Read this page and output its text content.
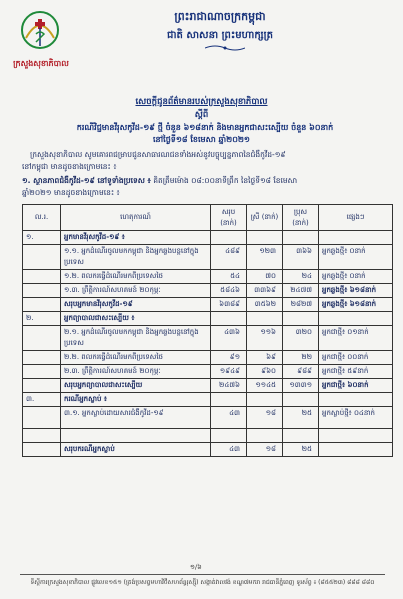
ក្រសួងសុខាភិបាល
ព្រះរាជាណាចក្រកម្ពុជា
ជាតិ សាសនា ព្រះមហាក្សត្រ
សេចក្តីជូនព័ត៌មានរបស់ក្រសួងសុខាភិបាល
ស្តីពី
ករណីវិជ្ជមានវីរុសកូវីដ-១៩ ថ្មី ចំនួន ៦១៨នាក់ និងមានអ្នកជាសះស្បើយ ចំនួន ៦០នាក់
នៅថ្ងៃទី១៨ ខែមេសា ឆ្នាំ២០២១
ក្រសួងសុខាភិបាល សូមគោរពជម្រាបជូនសាធារណជនទាំងអស់នូវបច្ចុប្បន្នភាពនៃជំងឺកូវីដ-១៩
នៅកម្ពុជា មានដូចខាងក្រោមនេះ ៖
១. ស្ថានភាពជំងឺកូវីដ-១៩ នៅទូទាំងប្រទេស ៖ គិតត្រឹមម៉ោង ០៨:០០នាទីព្រឹក នៃថ្ងៃទី១៨ ខែមេសា
ឆ្នាំ២០២១ មានដូចខាងក្រោមនេះ ៖
ល.រ.	ហេតុការណ៍	សរុប (នាក់)	ស្រី (នាក់)	ប្រុស (នាក់)	ផ្សេងៗ
១.	អ្នកមានវីរុសកូវីដ-១៩ ៖				
	១.១. អ្នកដំណើរចូលមកកម្ពុជា និងអ្នកឆ្លងបន្តនៅក្នុងប្រទេស	៤៨៩	១២៣	៣៦៦	អ្នកឆ្លងថ្មី៖ ០នាក់
	១.២. ពលករធ្វើដំណើរមកពីប្រទេសថៃ	៥៤	៧០	២៤	អ្នកឆ្លងថ្មី៖ ០នាក់
	១.៣. ព្រឹត្តិការណ៍សហគមន៍ ២០កុម្ភៈ	៥៨៤៦	៣៣៦៩	២៤៧៧	អ្នកឆ្លងថ្មី៖ ៦១៨នាក់
	សរុបអ្នកមានវីរុសកូវីដ-១៩	៦៣៨៩	៣៥៦២	២៨២៧	អ្នកឆ្លងថ្មី៖ ៦១៨នាក់
២.	អ្នកព្យាបាលជាសះស្បើយ ៖				
	២.១. អ្នកដំណើរចូលមកកម្ពុជា និងអ្នកឆ្លងបន្តនៅក្នុងប្រទេស	៤៣៦	១១៦	៣២០	អ្នកជាថ្មី៖ ០១នាក់
	២.២. ពលករធ្វើដំណើរមកពីប្រទេសថៃ	៩១	៦៩	២២	អ្នកជាថ្មី៖ ០០នាក់
	២.៣. ព្រឹត្តិការណ៍សហគមន៍ ២០កុម្ភៈ	១៩៤៩	៩៦០	៩៨៩	អ្នកជាថ្មី៖ ៥៩នាក់
	សរុបអ្នកព្យាបាលជាសះស្បើយ	២៤៧៦	១១៤៥	១៣៣១	អ្នកជាថ្មី៖ ៦០នាក់
៣.	ករណីអ្នកស្លាប់ ៖				
	៣.១. អ្នកស្លាប់ដោយសារជំងឺកូវីដ-១៩	៤៣	១៨	២៥	អ្នកស្លាប់ថ្មី៖ ០៤នាក់

	សរុបករណីអ្នកស្លាប់	៤៣	១៨	២៥	
១/៦
ទីស្តីការក្រសួងសុខាភិបាល ផ្លូវលេខ១៥១ (ត្រង់ប្រសព្វមហាវិថីសហព័ន្ធរុស្ស៊ី) សង្កាត់វាលវង់ ខណ្ឌ៧មករា រាជធានីភ្នំពេញ ទូរស័ព្ទ ៖ (៨៥៥២៣) ៨៨៨ ៨៨០
